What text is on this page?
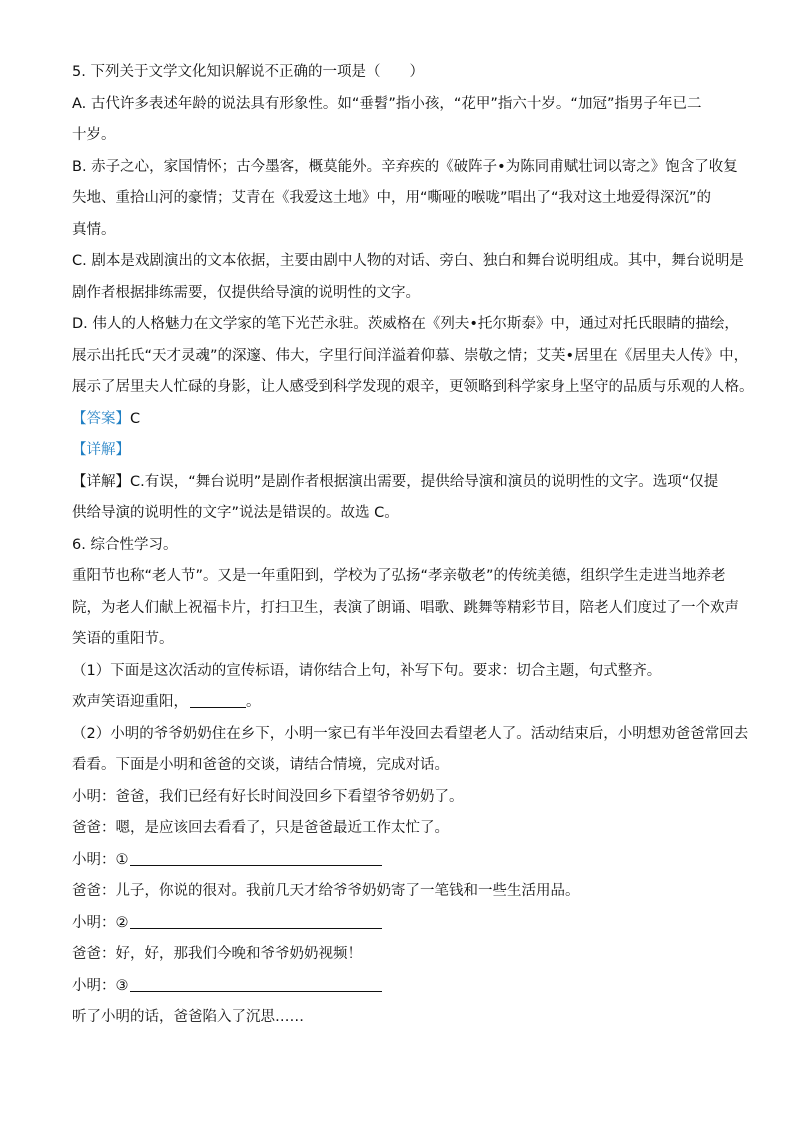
5. 下列关于文学文化知识解说不正确的一项是（　　）

A. 古代许多表述年龄的说法具有形象性。如“垂髫”指小孩，“花甲”指六十岁。“加冠”指男子年已二

十岁。

B. 赤子之心，家国情怀；古今墨客，概莫能外。辛弃疾的《破阵子•为陈同甫赋壮词以寄之》饱含了收复

失地、重拾山河的豪情；艾青在《我爱这土地》中，用“嘶哑的喉咙”唱出了“我对这土地爱得深沉”的

真情。

C. 剧本是戏剧演出的文本依据，主要由剧中人物的对话、旁白、独白和舞台说明组成。其中，舞台说明是

剧作者根据排练需要，仅提供给导演的说明性的文字。

D. 伟人的人格魅力在文学家的笔下光芒永驻。茨威格在《列夫•托尔斯泰》中，通过对托氏眼睛的描绘，

展示出托氏“天才灵魂”的深邃、伟大，字里行间洋溢着仰慕、崇敬之情；艾芙•居里在《居里夫人传》中，

展示了居里夫人忙碌的身影，让人感受到科学发现的艰辛，更领略到科学家身上坚守的品质与乐观的人格。

【答案】C

【详解】

【详解】C.有误，“舞台说明”是剧作者根据演出需要，提供给导演和演员的说明性的文字。选项“仅提

供给导演的说明性的文字”说法是错误的。故选 C。

6. 综合性学习。

重阳节也称“老人节”。又是一年重阳到，学校为了弘扬“孝亲敬老”的传统美德，组织学生走进当地养老

院，为老人们献上祝福卡片，打扫卫生，表演了朗诵、唱歌、跳舞等精彩节目，陪老人们度过了一个欢声

笑语的重阳节。

（1）下面是这次活动的宣传标语，请你结合上句，补写下句。要求：切合主题，句式整齐。

欢声笑语迎重阳，	。

（2）小明的爷爷奶奶住在乡下，小明一家已有半年没回去看望老人了。活动结束后，小明想劝爸爸常回去

看看。下面是小明和爸爸的交谈，请结合情境，完成对话。

小明：爸爸，我们已经有好长时间没回乡下看望爷爷奶奶了。

爸爸：嗯，是应该回去看看了，只是爸爸最近工作太忙了。

小明：①

爸爸：儿子，你说的很对。我前几天才给爷爷奶奶寄了一笔钱和一些生活用品。

小明：②

爸爸：好，好，那我们今晚和爷爷奶奶视频！

小明：③

听了小明的话，爸爸陷入了沉思……
